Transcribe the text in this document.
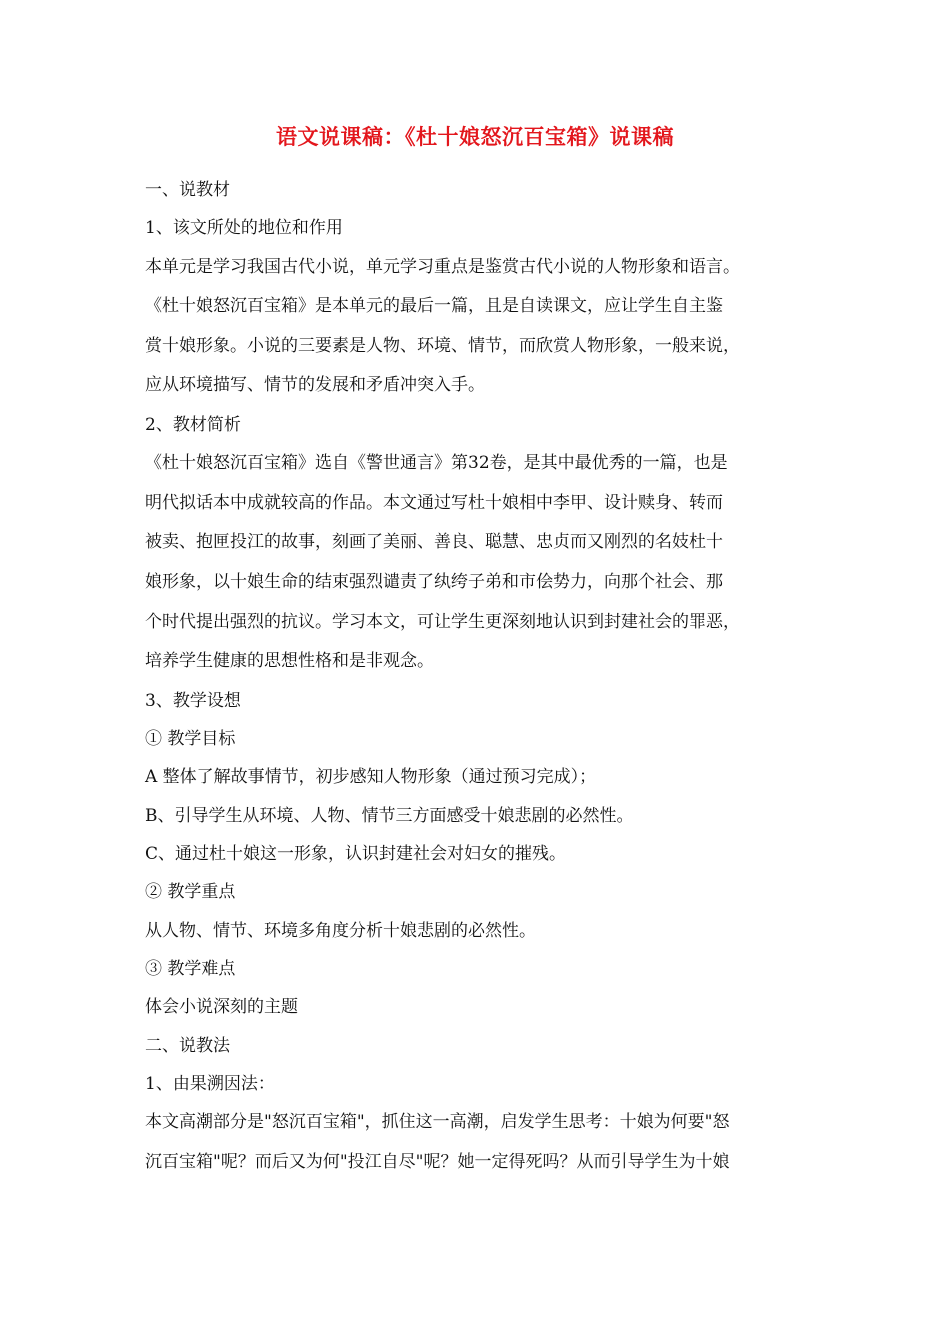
语文说课稿：《杜十娘怒沉百宝箱》说课稿
一、说教材
1、该文所处的地位和作用
本单元是学习我国古代小说，单元学习重点是鉴赏古代小说的人物形象和语言。
《杜十娘怒沉百宝箱》是本单元的最后一篇，且是自读课文，应让学生自主鉴
赏十娘形象。小说的三要素是人物、环境、情节，而欣赏人物形象，一般来说，
应从环境描写、情节的发展和矛盾冲突入手。
2、教材简析
《杜十娘怒沉百宝箱》选自《警世通言》第32卷，是其中最优秀的一篇，也是
明代拟话本中成就较高的作品。本文通过写杜十娘相中李甲、设计赎身、转而
被卖、抱匣投江的故事，刻画了美丽、善良、聪慧、忠贞而又刚烈的名妓杜十
娘形象，以十娘生命的结束强烈谴责了纨绔子弟和市侩势力，向那个社会、那
个时代提出强烈的抗议。学习本文，可让学生更深刻地认识到封建社会的罪恶，
培养学生健康的思想性格和是非观念。
3、教学设想
① 教学目标
A 整体了解故事情节，初步感知人物形象（通过预习完成）；
B、引导学生从环境、人物、情节三方面感受十娘悲剧的必然性。
C、通过杜十娘这一形象，认识封建社会对妇女的摧残。
② 教学重点
从人物、情节、环境多角度分析十娘悲剧的必然性。
③ 教学难点
体会小说深刻的主题
二、说教法
1、由果溯因法：
本文高潮部分是"怒沉百宝箱"，抓住这一高潮，启发学生思考：十娘为何要"怒
沉百宝箱"呢？而后又为何"投江自尽"呢？她一定得死吗？从而引导学生为十娘
